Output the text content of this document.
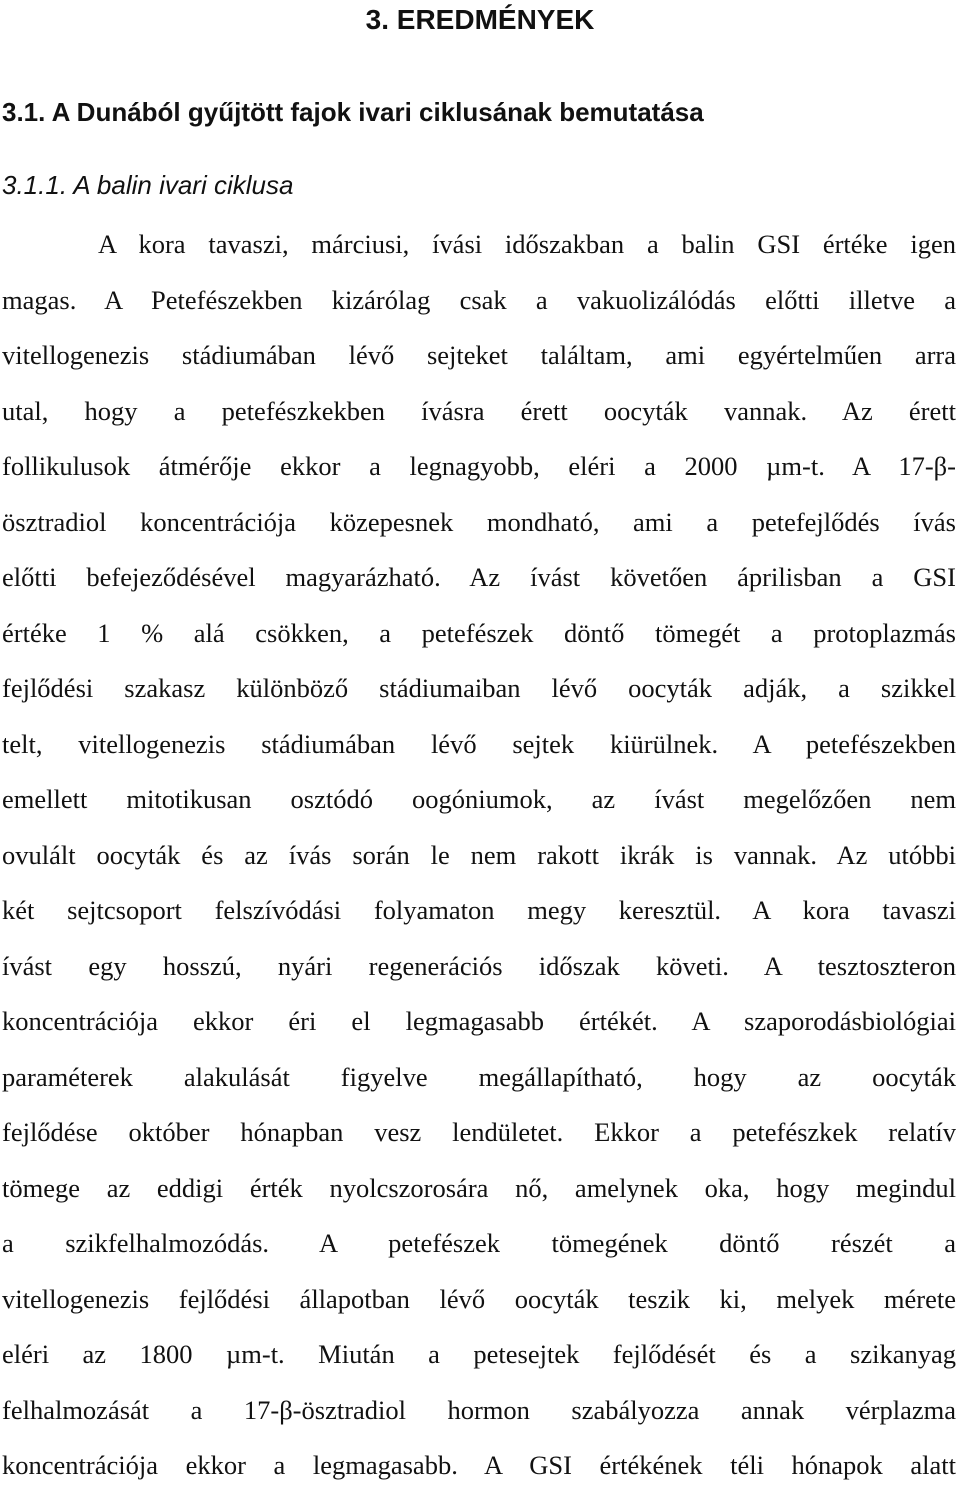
3. EREDMÉNYEK
3.1. A Dunából gyűjtött fajok ivari ciklusának bemutatása
3.1.1. A balin ivari ciklusa
A kora tavaszi, márciusi, ívási időszakban a balin GSI értéke igen
magas. A Petefészekben kizárólag csak a vakuolizálódás előtti illetve a
vitellogenezis stádiumában lévő sejteket találtam, ami egyértelműen arra
utal, hogy a petefészkekben ívásra érett oocyták vannak. Az érett
follikulusok átmérője ekkor a legnagyobb, eléri a 2000 µm-t. A 17-β-
ösztradiol koncentrációja közepesnek mondható, ami a petefejlődés ívás
előtti befejeződésével magyarázható. Az ívást követően áprilisban a GSI
értéke 1 % alá csökken, a petefészek döntő tömegét a protoplazmás
fejlődési szakasz különböző stádiumaiban lévő oocyták adják, a szikkel
telt, vitellogenezis stádiumában lévő sejtek kiürülnek. A petefészekben
emellett mitotikusan osztódó oogóniumok, az ívást megelőzően nem
ovulált oocyták és az ívás során le nem rakott ikrák is vannak. Az utóbbi
két sejtcsoport felszívódási folyamaton megy keresztül. A kora tavaszi
ívást egy hosszú, nyári regenerációs időszak követi. A tesztoszteron
koncentrációja ekkor éri el legmagasabb értékét. A szaporodásbiológiai
paraméterek alakulását figyelve megállapítható, hogy az oocyták
fejlődése október hónapban vesz lendületet. Ekkor a petefészkek relatív
tömege az eddigi érték nyolcszorosára nő, amelynek oka, hogy megindul
a szikfelhalmozódás. A petefészek tömegének döntő részét a
vitellogenezis fejlődési állapotban lévő oocyták teszik ki, melyek mérete
eléri az 1800 µm-t. Miután a petesejtek fejlődését és a szikanyag
felhalmozását a 17-β-ösztradiol hormon szabályozza annak vérplazma
koncentrációja ekkor a legmagasabb. A GSI értékének téli hónapok alatt
